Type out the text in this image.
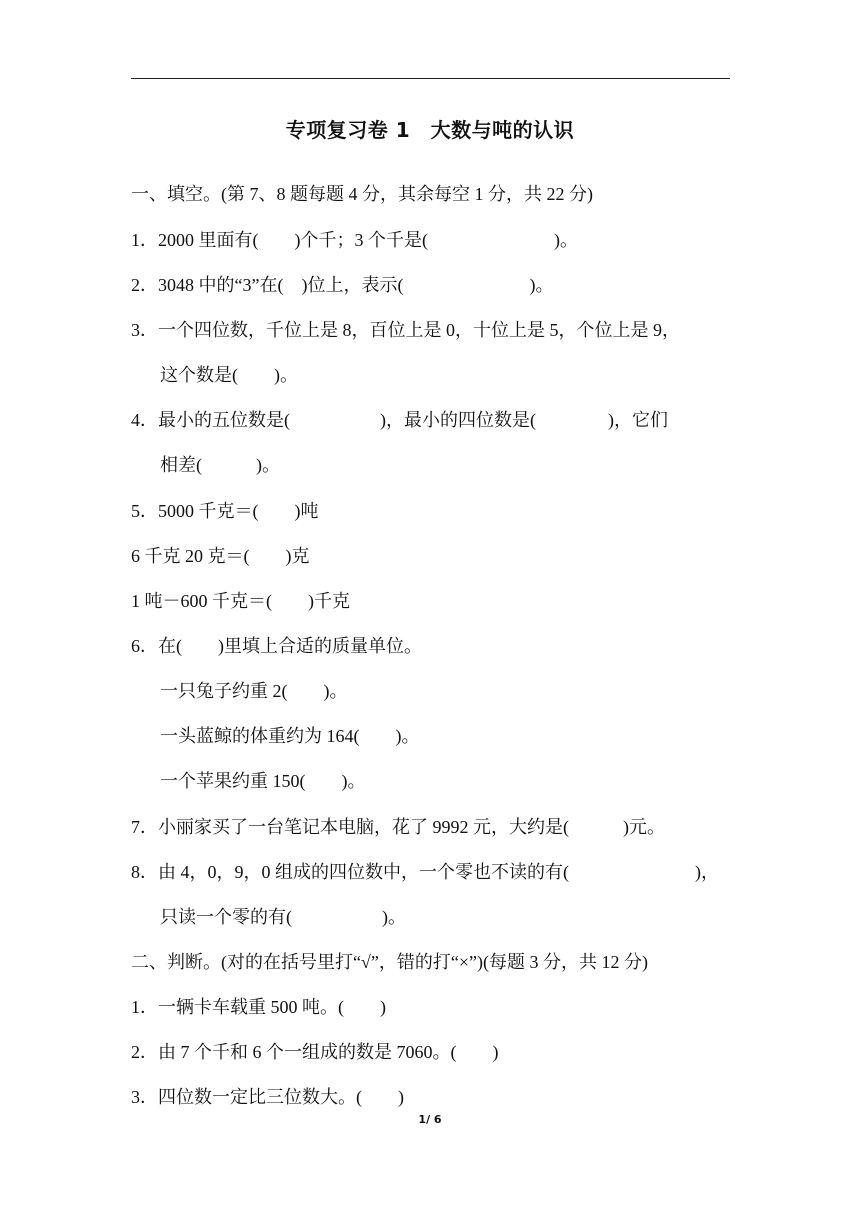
专项复习卷 1　大数与吨的认识
一、填空。(第 7、8 题每题 4 分，其余每空 1 分，共 22 分)
1．2000 里面有(　　)个千；3 个千是(　　　　　　　)。
2．3048 中的“3”在(　)位上，表示(　　　　　　　)。
3．一个四位数，千位上是 8，百位上是 0，十位上是 5，个位上是 9，
这个数是(　　)。
4．最小的五位数是(　　　　　)，最小的四位数是(　　　　)，它们
相差(　　　)。
5．5000 千克＝(　　)吨
6 千克 20 克＝(　　)克
1 吨－600 千克＝(　　)千克
6．在(　　)里填上合适的质量单位。
一只兔子约重 2(　　)。
一头蓝鲸的体重约为 164(　　)。
一个苹果约重 150(　　)。
7．小丽家买了一台笔记本电脑，花了 9992 元，大约是(　　　)元。
8．由 4，0，9，0 组成的四位数中，一个零也不读的有(　　　　　　　)，
只读一个零的有(　　　　　)。
二、判断。(对的在括号里打“√”，错的打“×”)(每题 3 分，共 12 分)
1．一辆卡车载重 500 吨。(　　)
2．由 7 个千和 6 个一组成的数是 7060。(　　)
3．四位数一定比三位数大。(　　)
1/ 6
